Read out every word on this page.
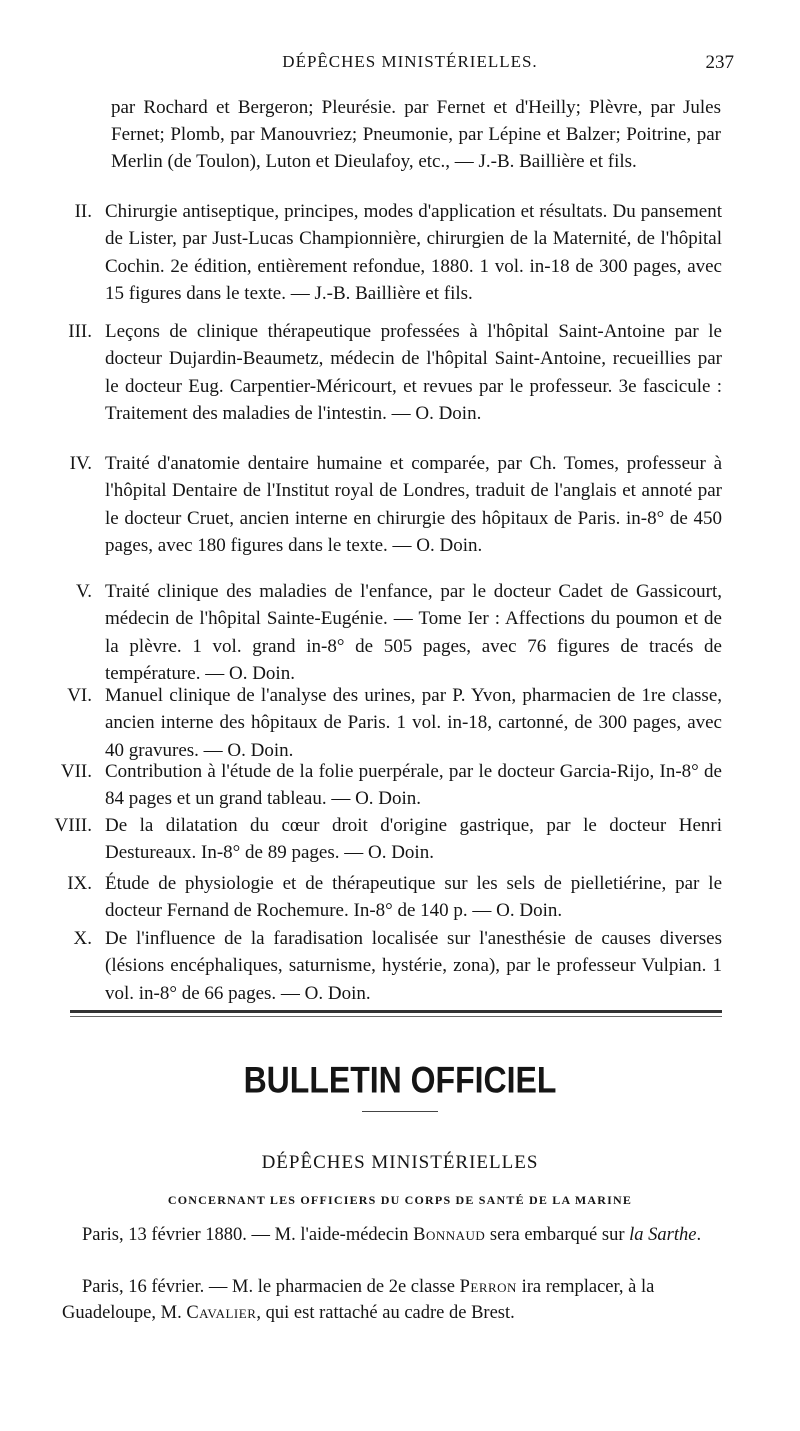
DÉPÊCHES MINISTÉRIELLES.	237
par Rochard et Bergeron; Pleurésie. par Fernet et d'Heilly; Plèvre, par Jules Fernet; Plomb, par Manouvriez; Pneumonie, par Lépine et Balzer; Poitrine, par Merlin (de Toulon), Luton et Dieulafoy, etc., — J.-B. Baillière et fils.
II. Chirurgie antiseptique, principes, modes d'application et résultats. Du pansement de Lister, par Just-Lucas Championnière, chirurgien de la Maternité, de l'hôpital Cochin. 2e édition, entièrement refondue, 1880. 1 vol. in-18 de 300 pages, avec 15 figures dans le texte. — J.-B. Baillière et fils.
III. Leçons de clinique thérapeutique professées à l'hôpital Saint-Antoine par le docteur Dujardin-Beaumetz, médecin de l'hôpital Saint-Antoine, recueillies par le docteur Eug. Carpentier-Méricourt, et revues par le professeur. 3e fascicule : Traitement des maladies de l'intestin. — O. Doin.
IV. Traité d'anatomie dentaire humaine et comparée, par Ch. Tomes, professeur à l'hôpital Dentaire de l'Institut royal de Londres, traduit de l'anglais et annoté par le docteur Cruet, ancien interne en chirurgie des hôpitaux de Paris. in-8° de 450 pages, avec 180 figures dans le texte. — O. Doin.
V. Traité clinique des maladies de l'enfance, par le docteur Cadet de Gassicourt, médecin de l'hôpital Sainte-Eugénie. — Tome Ier : Affections du poumon et de la plèvre. 1 vol. grand in-8° de 505 pages, avec 76 figures de tracés de température. — O. Doin.
VI. Manuel clinique de l'analyse des urines, par P. Yvon, pharmacien de 1re classe, ancien interne des hôpitaux de Paris. 1 vol. in-18, cartonné, de 300 pages, avec 40 gravures. — O. Doin.
VII. Contribution à l'étude de la folie puerpérale, par le docteur Garcia-Rijo, In-8° de 84 pages et un grand tableau. — O. Doin.
VIII. De la dilatation du cœur droit d'origine gastrique, par le docteur Henri Destureaux. In-8° de 89 pages. — O. Doin.
IX. Étude de physiologie et de thérapeutique sur les sels de pielletiérine, par le docteur Fernand de Rochemure. In-8° de 140 p. — O. Doin.
X. De l'influence de la faradisation localisée sur l'anesthésie de causes diverses (lésions encéphaliques, saturnisme, hystérie, zona), par le professeur Vulpian. 1 vol. in-8° de 66 pages. — O. Doin.
BULLETIN OFFICIEL
DÉPÊCHES MINISTÉRIELLES
CONCERNANT LES OFFICIERS DU CORPS DE SANTÉ DE LA MARINE
Paris, 13 février 1880. — M. l'aide-médecin Bonnaud sera embarqué sur la Sarthe.
Paris, 16 février. — M. le pharmacien de 2e classe Perron ira remplacer, à la Guadeloupe, M. Cavalier, qui est rattaché au cadre de Brest.
